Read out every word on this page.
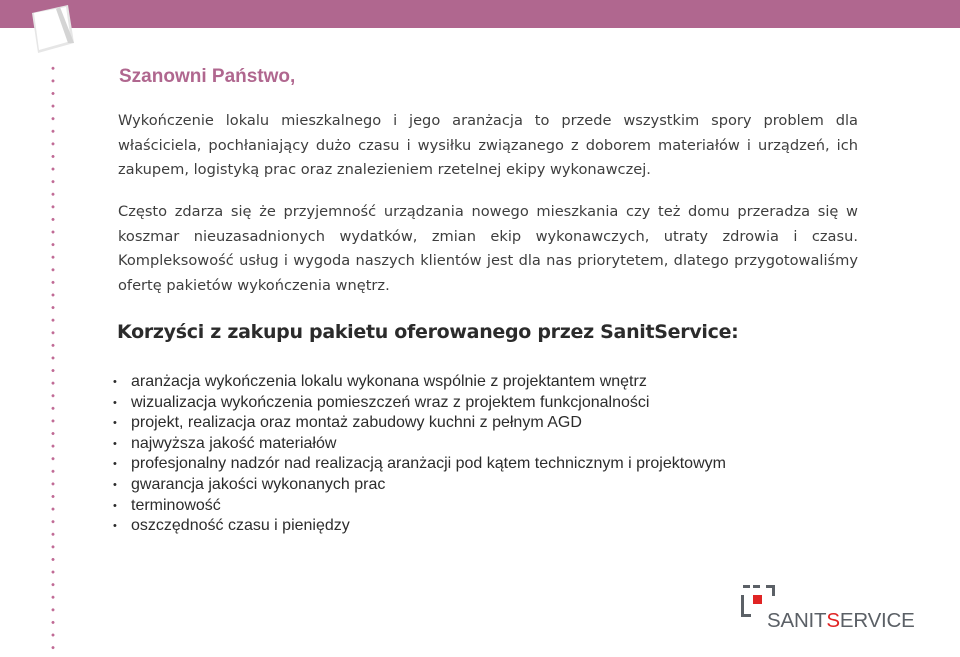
Szanowni Państwo,

Wykończenie lokalu mieszkalnego i jego aranżacja to przede wszystkim spory problem dla właściciela, pochłaniający dużo czasu i wysiłku związanego z doborem materiałów i urządzeń, ich zakupem, logistyką prac oraz znalezieniem rzetelnej ekipy wykonawczej.

Często zdarza się że przyjemność urządzania nowego mieszkania czy też domu przeradza się w koszmar nieuzasadnionych wydatków, zmian ekip wykonawczych, utraty zdrowia i czasu. Kompleksowość usług i wygoda naszych klientów jest dla nas priorytetem, dlatego przygotowaliśmy ofertę pakietów wykończenia wnętrz.

Korzyści z zakupu pakietu oferowanego przez SanitService:
• aranżacja wykończenia lokalu wykonana wspólnie z projektantem wnętrz
• wizualizacja wykończenia pomieszczeń wraz z projektem funkcjonalności
• projekt, realizacja oraz montaż zabudowy kuchni z pełnym AGD
• najwyższa jakość materiałów
• profesjonalny nadzór nad realizacją aranżacji pod kątem technicznym i projektowym
• gwarancja jakości wykonanych prac
• terminowość
• oszczędność czasu i pieniędzy
SANITSERVICE
